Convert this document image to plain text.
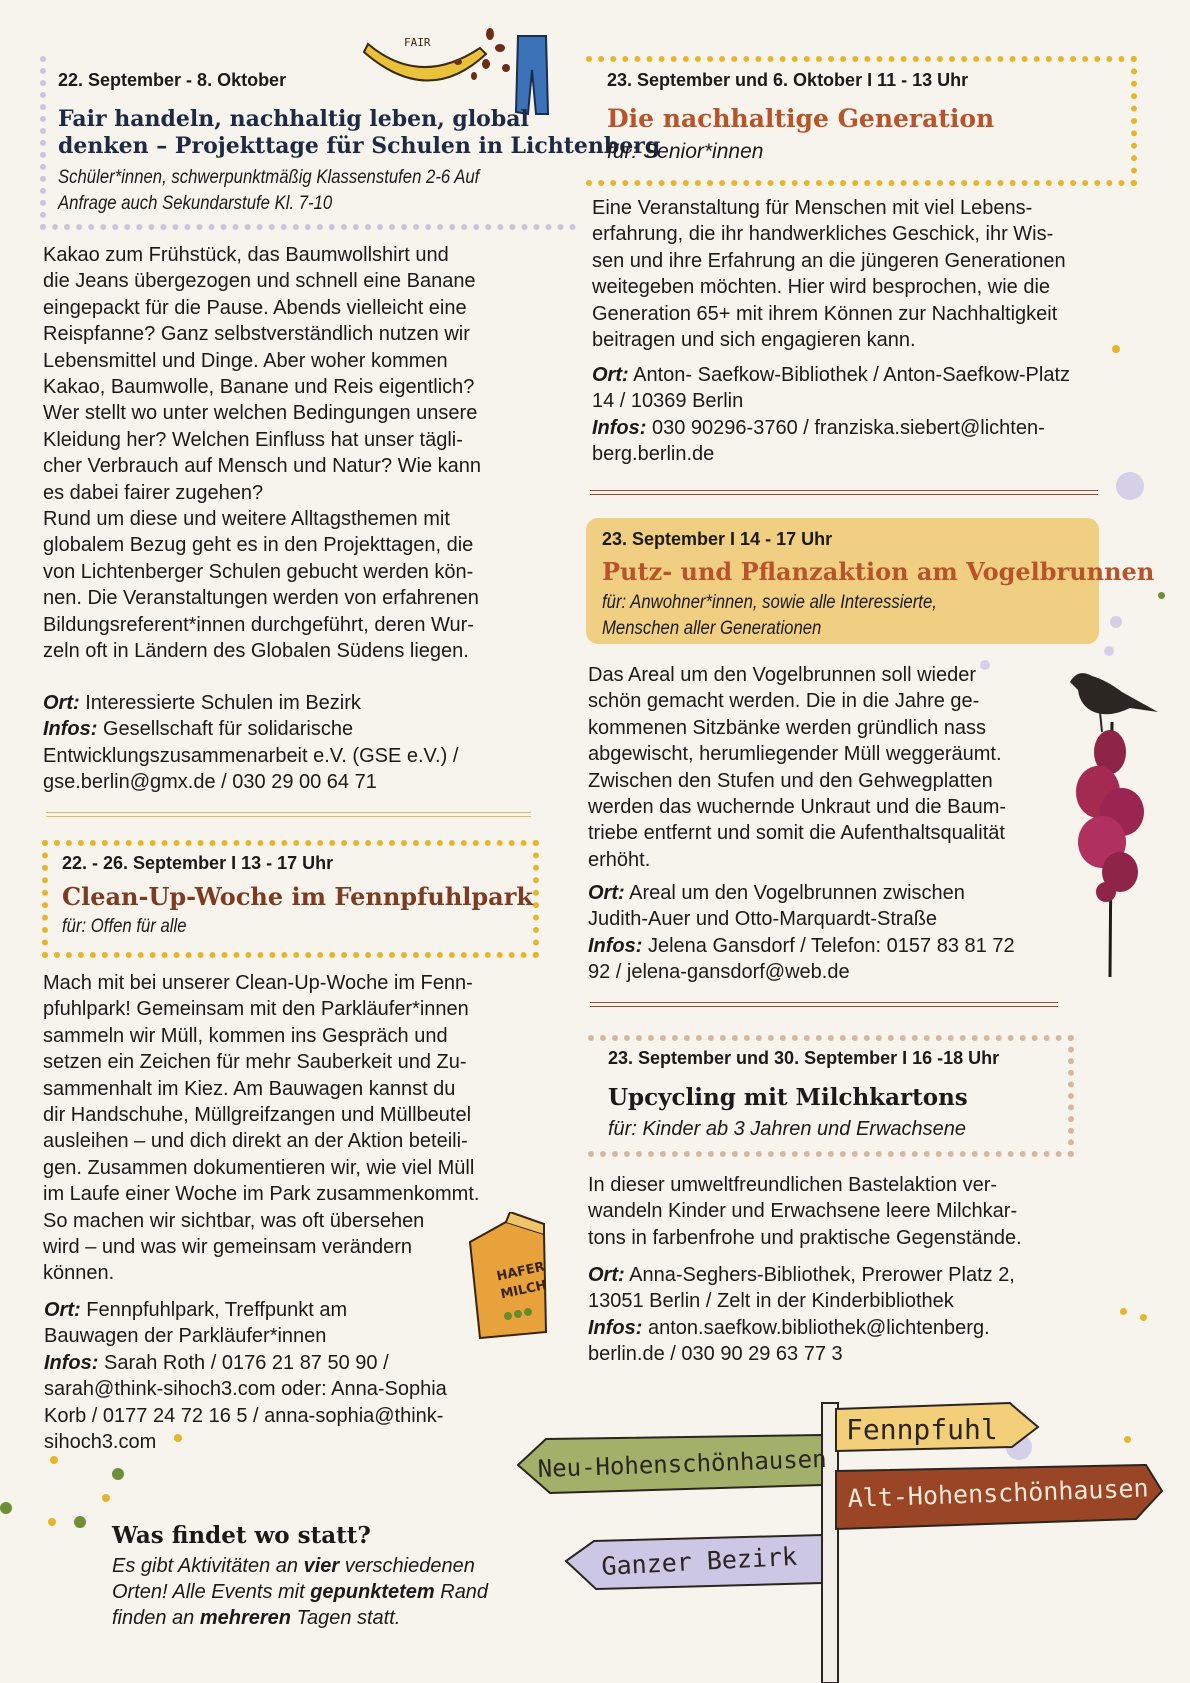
FAIR
HAFER
MILCH
22. September - 8. Oktober
Fair handeln, nachhaltig leben, global
denken – Projekttage für Schulen in Lichtenberg
Schüler*innen, schwerpunktmäßig Klassenstufen 2-6 Auf
Anfrage auch Sekundarstufe Kl. 7-10
Kakao zum Frühstück, das Baumwollshirt und
die Jeans übergezogen und schnell eine Banane
eingepackt für die Pause. Abends vielleicht eine
Reispfanne? Ganz selbstverständlich nutzen wir
Lebensmittel und Dinge. Aber woher kommen
Kakao, Baumwolle, Banane und Reis eigentlich?
Wer stellt wo unter welchen Bedingungen unsere
Kleidung her? Welchen Einfluss hat unser tägli-
cher Verbrauch auf Mensch und Natur? Wie kann
es dabei fairer zugehen?
Rund um diese und weitere Alltagsthemen mit
globalem Bezug geht es in den Projekttagen, die
von Lichtenberger Schulen gebucht werden kön-
nen. Die Veranstaltungen werden von erfahrenen
Bildungsreferent*innen durchgeführt, deren Wur-
zeln oft in Ländern des Globalen Südens liegen.
Ort: Interessierte Schulen im Bezirk
Infos: Gesellschaft für solidarische
Entwicklungszusammenarbeit e.V. (GSE e.V.) /
gse.berlin@gmx.de / 030 29 00 64 71
22. - 26. September I 13 - 17 Uhr
Clean-Up-Woche im Fennpfuhlpark
für: Offen für alle
Mach mit bei unserer Clean-Up-Woche im Fenn-
pfuhlpark! Gemeinsam mit den Parkläufer*innen
sammeln wir Müll, kommen ins Gespräch und
setzen ein Zeichen für mehr Sauberkeit und Zu-
sammenhalt im Kiez. Am Bauwagen kannst du
dir Handschuhe, Müllgreifzangen und Müllbeutel
ausleihen – und dich direkt an der Aktion beteili-
gen. Zusammen dokumentieren wir, wie viel Müll
im Laufe einer Woche im Park zusammenkommt.
So machen wir sichtbar, was oft übersehen
wird – und was wir gemeinsam verändern
können.
Ort: Fennpfuhlpark, Treffpunkt am
Bauwagen der Parkläufer*innen
Infos: Sarah Roth / 0176 21 87 50 90 /
sarah@think-sihoch3.com oder: Anna-Sophia
Korb / 0177 24 72 16 5 / anna-sophia@think-
sihoch3.com
Was findet wo statt?
Es gibt Aktivitäten an vier verschiedenen
Orten! Alle Events mit gepunktetem Rand
finden an mehreren Tagen statt.
23. September und 6. Oktober I 11 - 13 Uhr
Die nachhaltige Generation
für: Senior*innen
Eine Veranstaltung für Menschen mit viel Lebens-
erfahrung, die ihr handwerkliches Geschick, ihr Wis-
sen und ihre Erfahrung an die jüngeren Generationen
weitegeben möchten. Hier wird besprochen, wie die
Generation 65+ mit ihrem Können zur Nachhaltigkeit
beitragen und sich engagieren kann.
Ort: Anton- Saefkow-Bibliothek / Anton-Saefkow-Platz
14 / 10369 Berlin
Infos: 030 90296-3760 / franziska.siebert@lichten-
berg.berlin.de
23. September I 14 - 17 Uhr
Putz- und Pflanzaktion am Vogelbrunnen
für: Anwohner*innen, sowie alle Interessierte,
Menschen aller Generationen
Das Areal um den Vogelbrunnen soll wieder
schön gemacht werden. Die in die Jahre ge-
kommenen Sitzbänke werden gründlich nass
abgewischt, herumliegender Müll weggeräumt.
Zwischen den Stufen und den Gehwegplatten
werden das wuchernde Unkraut und die Baum-
triebe entfernt und somit die Aufenthaltsqualität
erhöht.
Ort: Areal um den Vogelbrunnen zwischen
Judith-Auer und Otto-Marquardt-Straße
Infos: Jelena Gansdorf / Telefon: 0157 83 81 72
92 / jelena-gansdorf@web.de
23. September und 30. September I 16 -18 Uhr
Upcycling mit Milchkartons
für: Kinder ab 3 Jahren und Erwachsene
In dieser umweltfreundlichen Bastelaktion ver-
wandeln Kinder und Erwachsene leere Milchkar-
tons in farbenfrohe und praktische Gegenstände.
Ort: Anna-Seghers-Bibliothek, Prerower Platz 2,
13051 Berlin / Zelt in der Kinderbibliothek
Infos: anton.saefkow.bibliothek@lichtenberg.
berlin.de / 030 90 29 63 77 3
Fennpfuhl
Neu-Hohenschönhausen
Alt-Hohenschönhausen
Ganzer Bezirk
